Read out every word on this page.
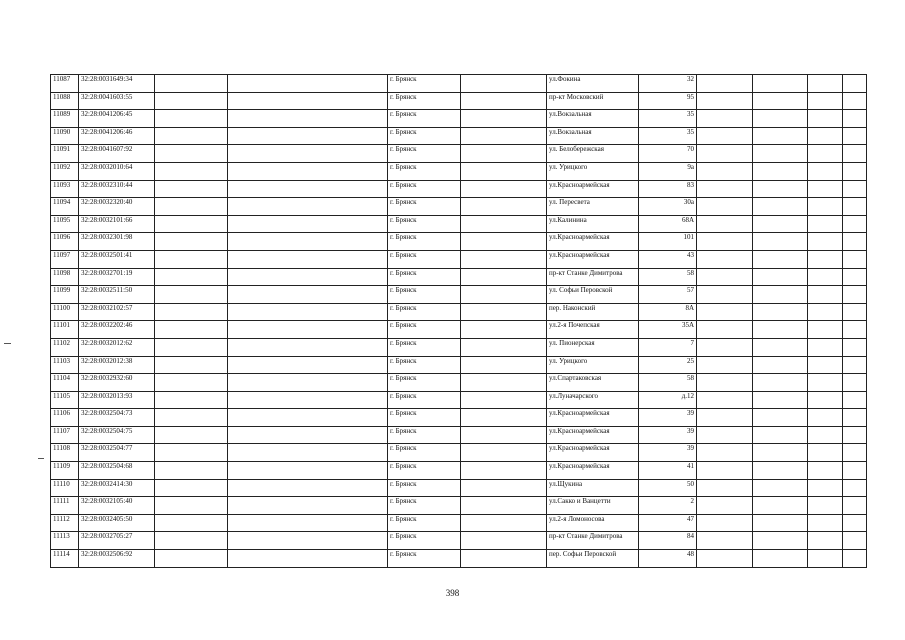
11087	32:28:0031649:34			г. Брянск		ул.Фокина	32				
11088	32:28:0041603:55			г. Брянск		пр-кт Московский	95				
11089	32:28:0041206:45			г. Брянск		ул.Вокзальная	35				
11090	32:28:0041206:46			г. Брянск		ул.Вокзальная	35				
11091	32:28:0041607:92			г. Брянск		ул. Белобережская	70				
11092	32:28:0032010:64			г. Брянск		ул. Урицкого	9а				
11093	32:28:0032310:44			г. Брянск		ул.Красноармейская	83				
11094	32:28:0032320:40			г. Брянск		ул. Пересвета	30а				
11095	32:28:0032101:66			г. Брянск		ул.Калинина	68А				
11096	32:28:0032301:98			г. Брянск		ул.Красноармейская	101				
11097	32:28:0032501:41			г. Брянск		ул.Красноармейская	43				
11098	32:28:0032701:19			г. Брянск		пр-кт Станке Димитрова	58				
11099	32:28:0032511:50			г. Брянск		ул. Софьи Перовской	57				
11100	32:28:0032102:57			г. Брянск		пер. Наконский	8А				
11101	32:28:0032202:46			г. Брянск		ул.2-я Почепская	35А				
11102	32:28:0032012:62			г. Брянск		ул. Пионерская	7				
11103	32:28:0032012:38			г. Брянск		ул. Урицкого	25				
11104	32:28:0032932:60			г. Брянск		ул.Спартаковская	58				
11105	32:28:0032013:93			г. Брянск		ул.Луначарского	д.12				
11106	32:28:0032504:73			г. Брянск		ул.Красноармейская	39				
11107	32:28:0032504:75			г. Брянск		ул.Красноармейская	39				
11108	32:28:0032504:77			г. Брянск		ул.Красноармейская	39				
11109	32:28:0032504:68			г. Брянск		ул.Красноармейская	41				
11110	32:28:0032414:30			г. Брянск		ул.Щукина	50				
11111	32:28:0032105:40			г. Брянск		ул.Сакко и Ванцетти	2				
11112	32:28:0032405:50			г. Брянск		ул.2-я Ломоносова	47				
11113	32:28:0032705:27			г. Брянск		пр-кт Станке Димитрова	84				
11114	32:28:0032506:92			г. Брянск		пер. Софьи Перовской	48				
398
